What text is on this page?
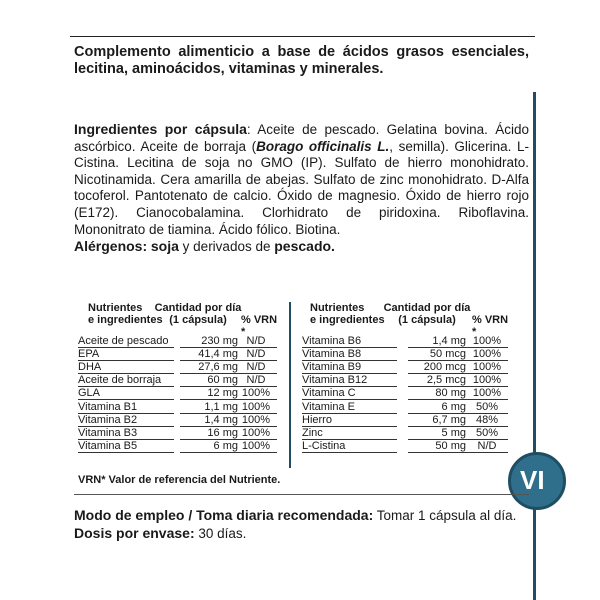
VI
Complemento alimenticio a base de ácidos grasos esenciales, lecitina, aminoácidos, vitaminas y minerales.
Ingredientes por cápsula: Aceite de pescado. Gelatina bovina. Ácido ascórbico. Aceite de borraja (Borago officinalis L., semilla). Glicerina. L-Cistina. Lecitina de soja no GMO (IP). Sulfato de hierro monohidrato. Nicotinamida. Cera amarilla de abejas. Sulfato de zinc monohidrato. D-Alfa tocoferol. Pantotenato de calcio. Óxido de magnesio. Óxido de hierro rojo (E172). Cianocobalamina. Clorhidrato de piridoxina. Riboflavina. Mononitrato de tiamina. Ácido fólico. Biotina.
Alérgenos: soja y derivados de pescado.
Nutrientes
e ingredientes
Cantidad por día
(1 cápsula)	% VRN *
Aceite de pescado	230 mg N/D
EPA	41,4 mg N/D
DHA	27,6 mg N/D
Aceite de borraja	60 mg N/D
GLA	12 mg 100%
Vitamina B1	1,1 mg 100%
Vitamina B2	1,4 mg 100%
Vitamina B3	16 mg 100%
Vitamina B5	6 mg 100%
Nutrientes
e ingredientes
Cantidad por día
(1 cápsula)	% VRN *
Vitamina B6	1,4 mg 100%
Vitamina B8	50 mcg 100%
Vitamina B9	200 mcg 100%
Vitamina B12	2,5 mcg 100%
Vitamina C	80 mg 100%
Vitamina E	6 mg 50%
Hierro	6,7 mg 48%
Zinc	5 mg 50%
L-Cistina	50 mg	N/D
VRN* Valor de referencia del Nutriente.
Modo de empleo / Toma diaria recomendada: Tomar 1 cápsula al día.
Dosis por envase: 30 días.
